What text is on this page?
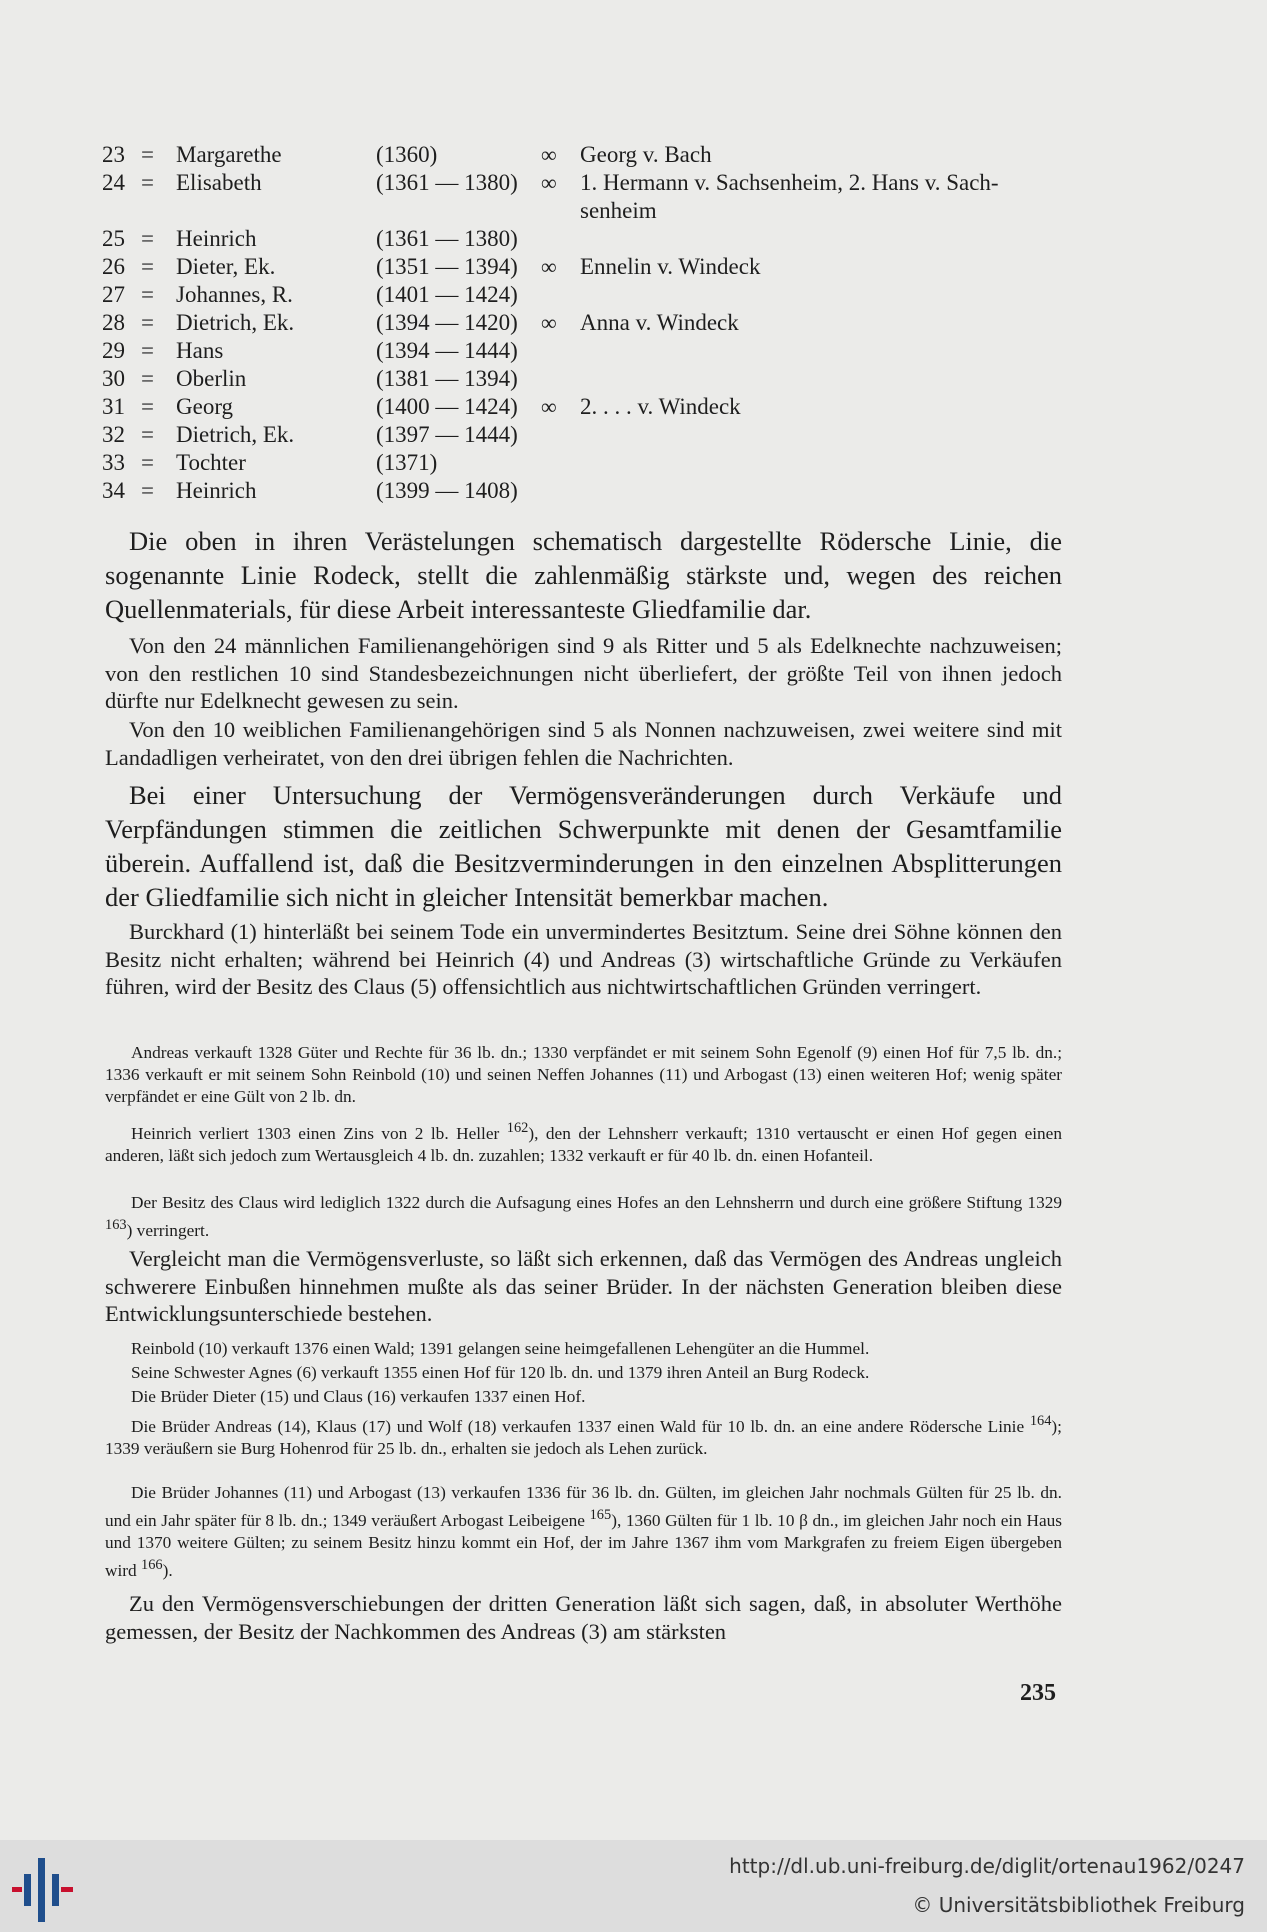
23 = Margarethe	(1360)	∞ Georg v. Bach
24 = Elisabeth	(1361 — 1380) ∞ 1. Hermann v. Sachsenheim, 2. Hans v. Sach-
senheim
25 = Heinrich	(1361 — 1380)
26 = Dieter, Ek.	(1351 — 1394) ∞ Ennelin v. Windeck
27 = Johannes, R.	(1401 — 1424)
28 = Dietrich, Ek.	(1394 — 1420) ∞ Anna v. Windeck
29 = Hans	(1394 — 1444)
30 = Oberlin	(1381 — 1394)
31 = Georg	(1400 — 1424) ∞ 2. . . . v. Windeck
32 = Dietrich, Ek.	(1397 — 1444)
33 = Tochter	(1371)
34 = Heinrich	(1399 — 1408)

Die oben in ihren Verästelungen schematisch dargestellte Rödersche Linie, die sogenannte Linie Rodeck, stellt die zahlenmäßig stärkste und, wegen des reichen Quellenmaterials, für diese Arbeit interessanteste Gliedfamilie dar.

Von den 24 männlichen Familienangehörigen sind 9 als Ritter und 5 als Edelknechte nachzuweisen; von den restlichen 10 sind Standesbezeichnungen nicht überliefert, der größte Teil von ihnen jedoch dürfte nur Edelknecht gewesen zu sein.

Von den 10 weiblichen Familienangehörigen sind 5 als Nonnen nachzuweisen, zwei weitere sind mit Landadligen verheiratet, von den drei übrigen fehlen die Nachrichten.

Bei einer Untersuchung der Vermögensveränderungen durch Verkäufe und Verpfändungen stimmen die zeitlichen Schwerpunkte mit denen der Gesamtfamilie überein. Auffallend ist, daß die Besitzverminderungen in den einzelnen Absplitterungen der Gliedfamilie sich nicht in gleicher Intensität bemerkbar machen.

Burckhard (1) hinterläßt bei seinem Tode ein unvermindertes Besitztum. Seine drei Söhne können den Besitz nicht erhalten; während bei Heinrich (4) und Andreas (3) wirtschaftliche Gründe zu Verkäufen führen, wird der Besitz des Claus (5) offensichtlich aus nichtwirtschaftlichen Gründen verringert.

Andreas verkauft 1328 Güter und Rechte für 36 lb. dn.; 1330 verpfändet er mit seinem Sohn Egenolf (9) einen Hof für 7,5 lb. dn.; 1336 verkauft er mit seinem Sohn Reinbold (10) und seinen Neffen Johannes (11) und Arbogast (13) einen weiteren Hof; wenig später verpfändet er eine Gült von 2 lb. dn.

Heinrich verliert 1303 einen Zins von 2 lb. Heller $^{162}$), den der Lehnsherr verkauft; 1310 vertauscht er einen Hof gegen einen anderen, läßt sich jedoch zum Wertausgleich 4 lb. dn. zuzahlen; 1332 verkauft er für 40 lb. dn. einen Hofanteil.

Der Besitz des Claus wird lediglich 1322 durch die Aufsagung eines Hofes an den Lehnsherrn und durch eine größere Stiftung 1329 $^{163}$) verringert.

Vergleicht man die Vermögensverluste, so läßt sich erkennen, daß das Vermögen des Andreas ungleich schwerere Einbußen hinnehmen mußte als das seiner Brüder. In der nächsten Generation bleiben diese Entwicklungsunterschiede bestehen.

Reinbold (10) verkauft 1376 einen Wald; 1391 gelangen seine heimgefallenen Lehengüter an die Hummel.

Seine Schwester Agnes (6) verkauft 1355 einen Hof für 120 lb. dn. und 1379 ihren Anteil an Burg Rodeck.

Die Brüder Dieter (15) und Claus (16) verkaufen 1337 einen Hof.

Die Brüder Andreas (14), Klaus (17) und Wolf (18) verkaufen 1337 einen Wald für 10 lb. dn. an eine andere Rödersche Linie $^{164}$); 1339 veräußern sie Burg Hohenrod für 25 lb. dn., erhalten sie jedoch als Lehen zurück.

Die Brüder Johannes (11) und Arbogast (13) verkaufen 1336 für 36 lb. dn. Gülten, im gleichen Jahr nochmals Gülten für 25 lb. dn. und ein Jahr später für 8 lb. dn.; 1349 veräußert Arbogast Leibeigene $^{165}$), 1360 Gülten für 1 lb. 10 β dn., im gleichen Jahr noch ein Haus und 1370 weitere Gülten; zu seinem Besitz hinzu kommt ein Hof, der im Jahre 1367 ihm vom Markgrafen zu freiem Eigen übergeben wird $^{166}$).

Zu den Vermögensverschiebungen der dritten Generation läßt sich sagen, daß, in absoluter Werthöhe gemessen, der Besitz der Nachkommen des Andreas (3) am stärksten

235
http://dl.ub.uni-freiburg.de/diglit/ortenau1962/0247
© Universitätsbibliothek Freiburg
